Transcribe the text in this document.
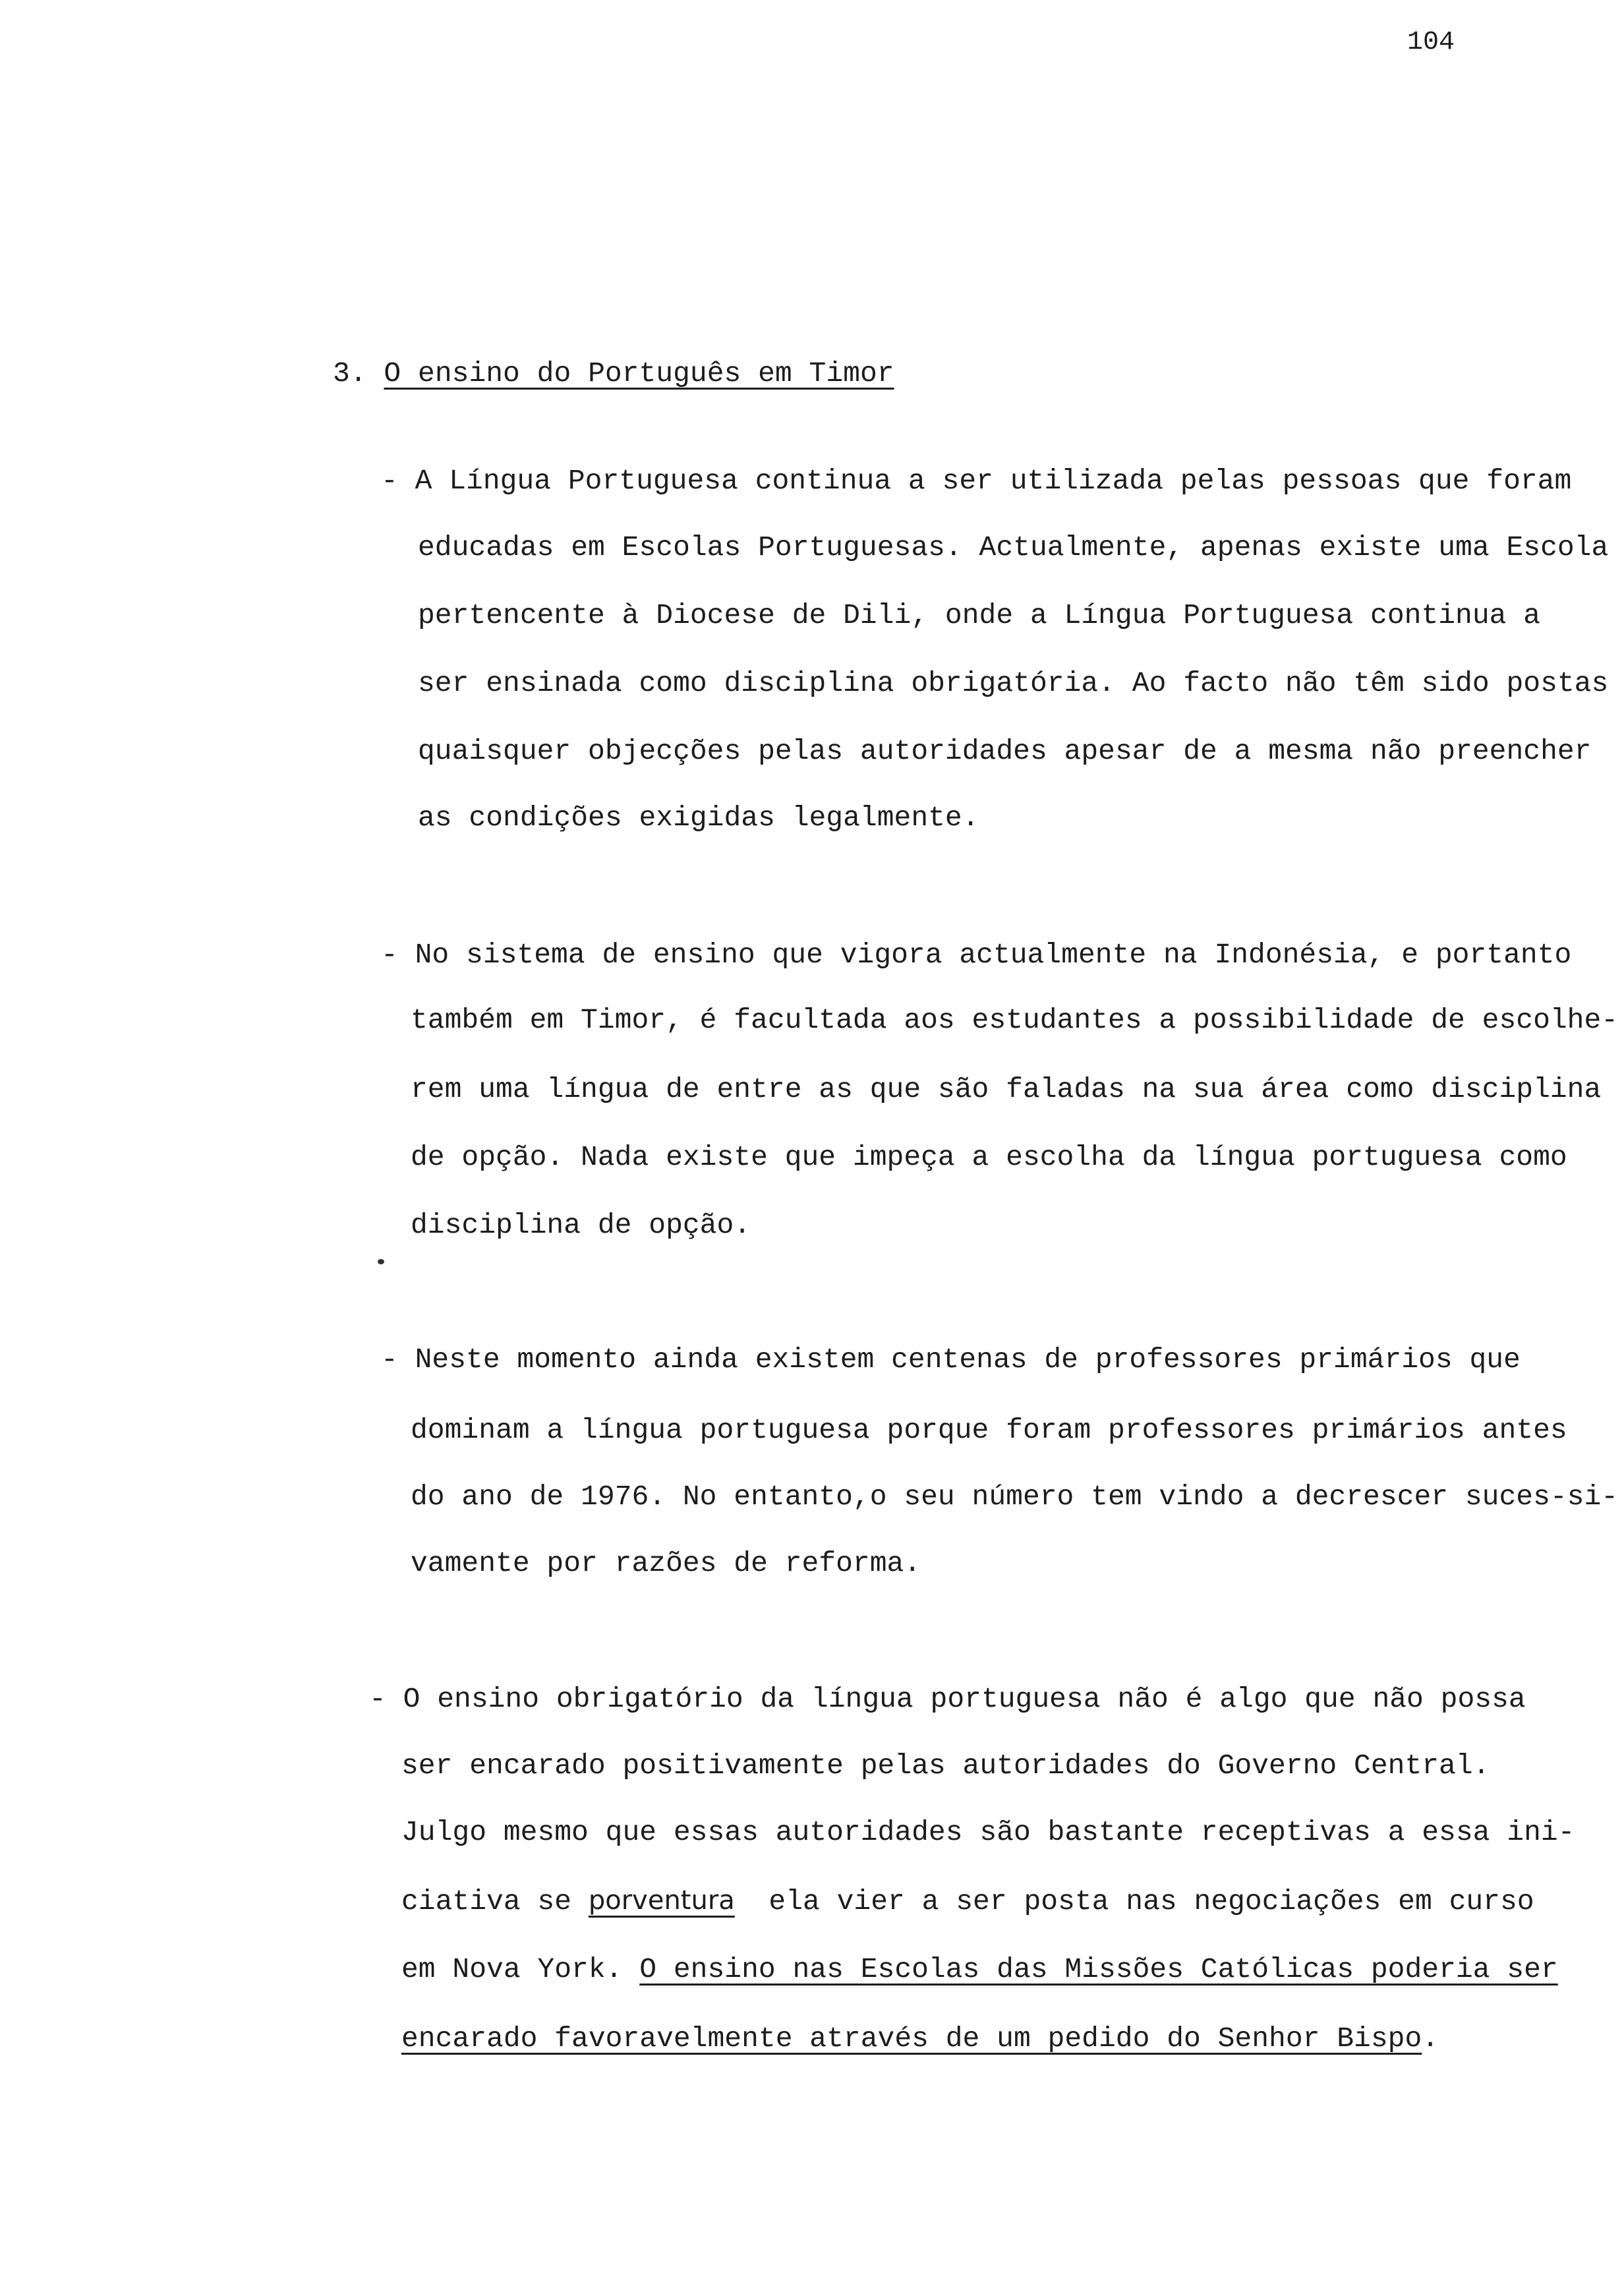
104
3. O ensino do Português em Timor
- A Língua Portuguesa continua a ser utilizada pelas pessoas que foram
educadas em Escolas Portuguesas. Actualmente, apenas existe uma Escola
pertencente à Diocese de Dili, onde a Língua Portuguesa continua a
ser ensinada como disciplina obrigatória. Ao facto não têm sido postas
quaisquer objecções pelas autoridades apesar de a mesma não preencher
as condições exigidas legalmente.
- No sistema de ensino que vigora actualmente na Indonésia, e portanto
também em Timor, é facultada aos estudantes a possibilidade de escolhe-
rem uma língua de entre as que são faladas na sua área como disciplina
de opção. Nada existe que impeça a escolha da língua portuguesa como
disciplina de opção.
- Neste momento ainda existem centenas de professores primários que
dominam a língua portuguesa porque foram professores primários antes
do ano de 1976. No entanto,o seu número tem vindo a decrescer suces-si-
vamente por razões de reforma.
- O ensino obrigatório da língua portuguesa não é algo que não possa
ser encarado positivamente pelas autoridades do Governo Central.
Julgo mesmo que essas autoridades são bastante receptivas a essa ini-
ciativa se porventura  ela vier a ser posta nas negociações em curso
em Nova York. O ensino nas Escolas das Missões Católicas poderia ser
encarado favoravelmente através de um pedido do Senhor Bispo.
